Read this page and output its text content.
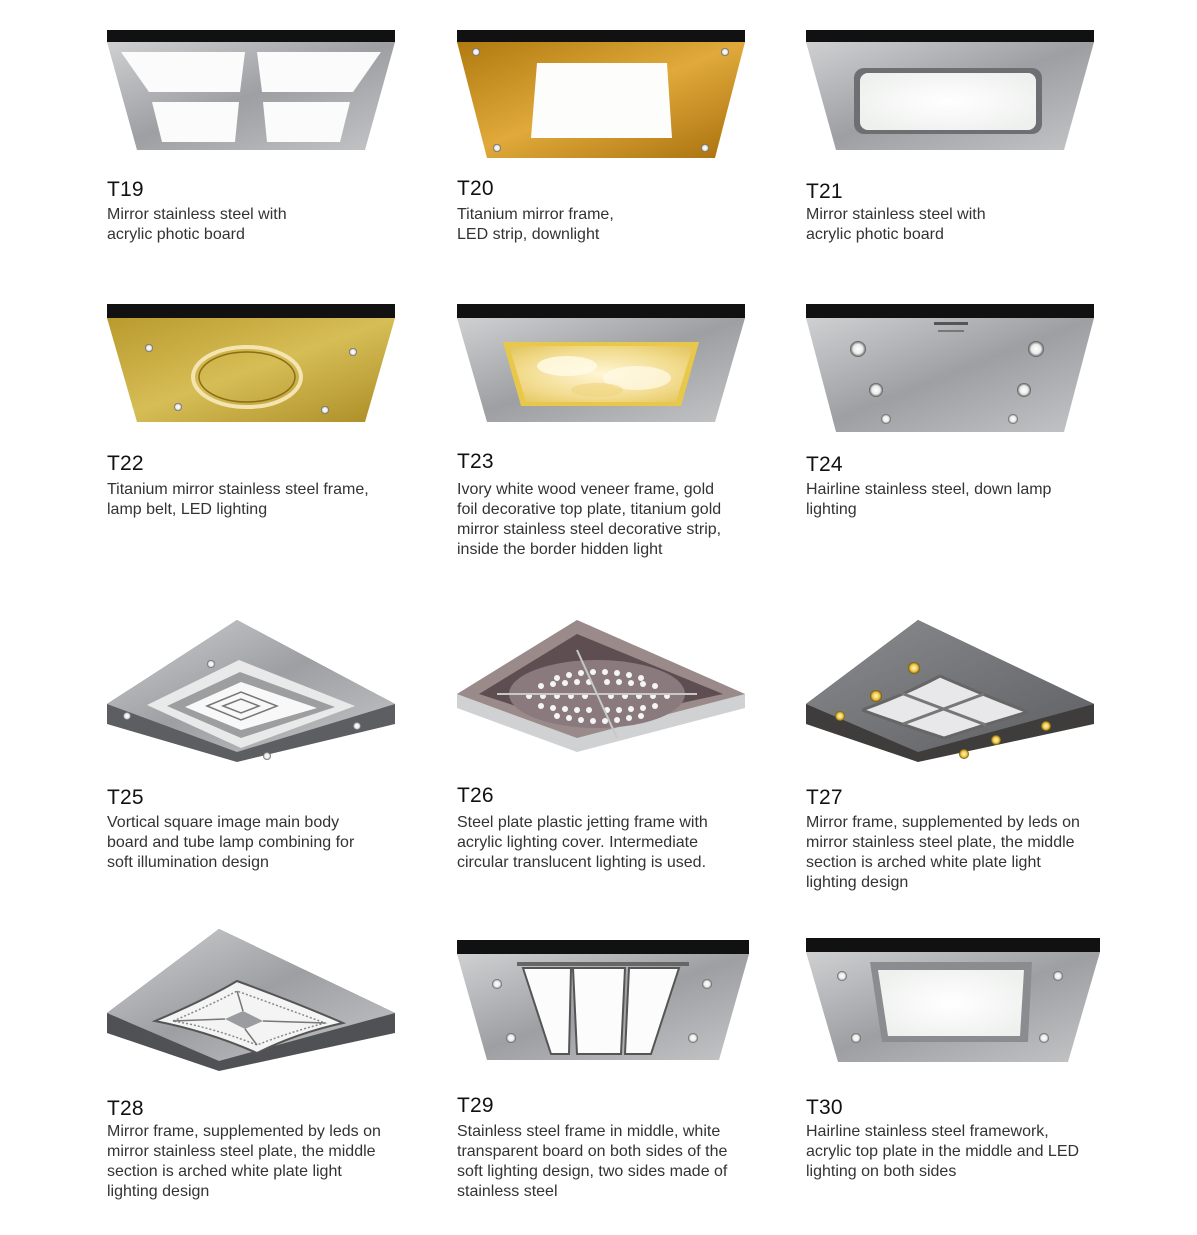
T19
Mirror stainless steel with
acrylic photic board
T20
Titanium mirror frame,
LED strip, downlight
T21
Mirror stainless steel with
acrylic photic board
T22
Titanium mirror stainless steel frame,
lamp belt, LED lighting
T23
Ivory white wood veneer frame, gold
foil decorative top plate, titanium gold
mirror stainless steel decorative strip,
inside the border hidden light
T24
Hairline stainless steel, down lamp
lighting
T25
Vortical square image main body
board and tube lamp combining for
soft illumination design
T26
Steel plate plastic jetting frame with
acrylic lighting cover. Intermediate
circular translucent lighting is used.
T27
Mirror frame, supplemented by leds on
mirror stainless steel plate, the middle
section is arched white plate light
lighting design
T28
Mirror frame, supplemented by leds on
mirror stainless steel plate, the middle
section is arched white plate light
lighting design
T29
Stainless steel frame in middle, white
transparent board on both sides of the
soft lighting design, two sides made of
stainless steel
T30
Hairline stainless steel framework,
acrylic top plate in the middle and LED
lighting on both sides
